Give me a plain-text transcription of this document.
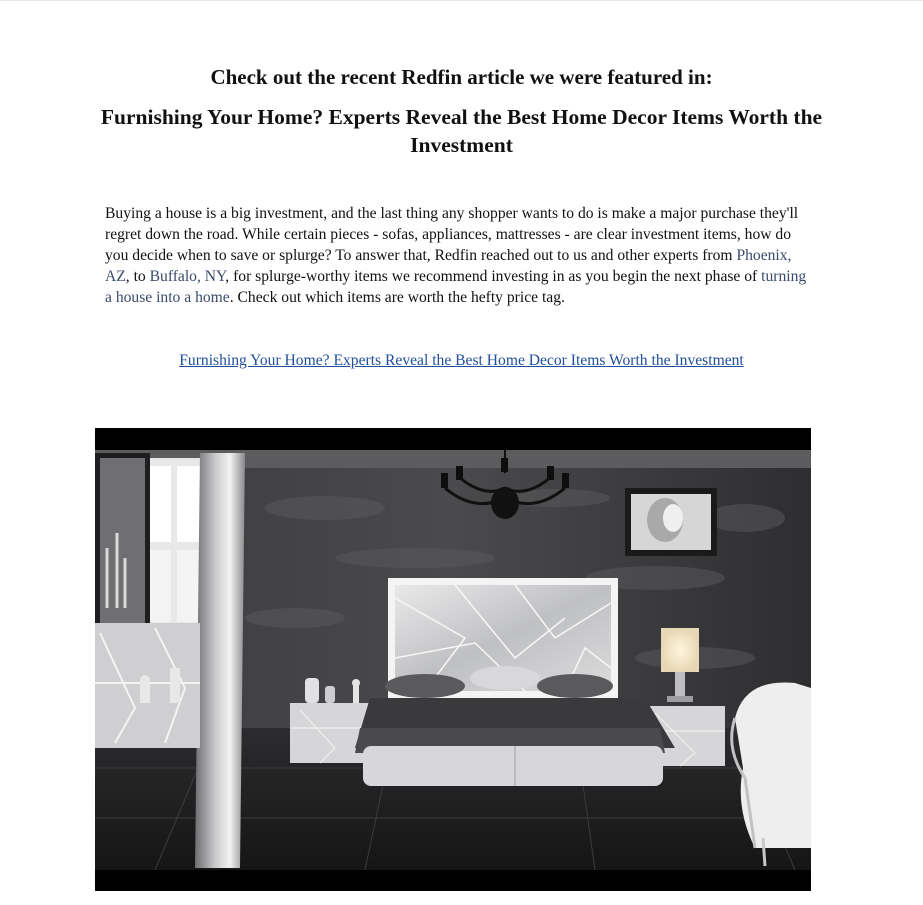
Check out the recent Redfin article we were featured in:
Furnishing Your Home? Experts Reveal the Best Home Decor Items Worth the Investment

Buying a house is a big investment, and the last thing any shopper wants to do is make a major purchase they'll regret down the road. While certain pieces - sofas, appliances, mattresses - are clear investment items, how do you decide when to save or splurge? To answer that, Redfin reached out to us and other experts from Phoenix, AZ, to Buffalo, NY, for splurge-worthy items we recommend investing in as you begin the next phase of turning a house into a home. Check out which items are worth the hefty price tag.

Furnishing Your Home? Experts Reveal the Best Home Decor Items Worth the Investment
